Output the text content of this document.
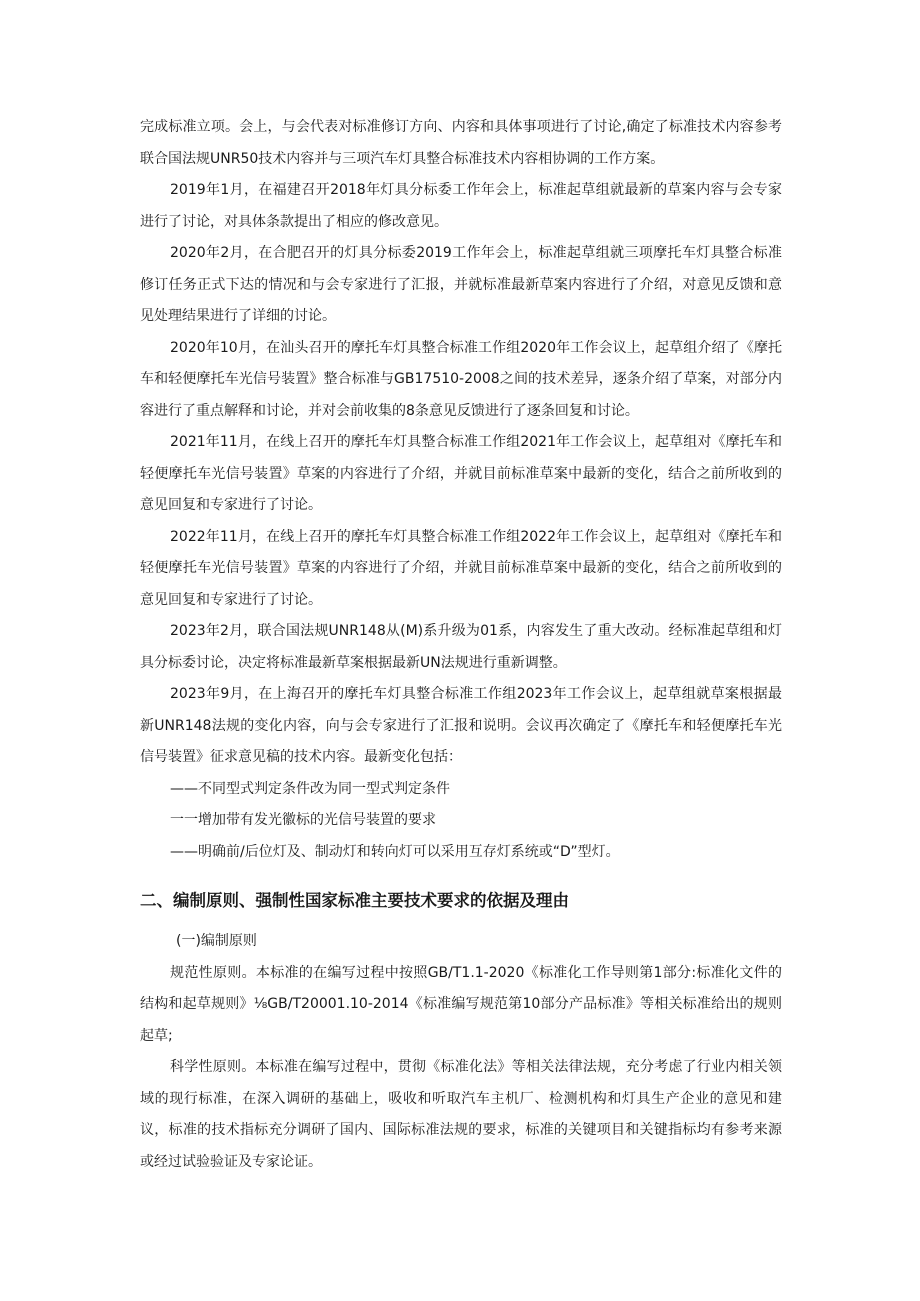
完成标准立项。会上，与会代表对标准修订方向、内容和具体事项进行了讨论,确定了标准技术内容参考联合国法规UNR50技术内容并与三项汽车灯具整合标准技术内容相协调的工作方案。

2019年1月，在福建召开2018年灯具分标委工作年会上，标准起草组就最新的草案内容与会专家进行了讨论，对具体条款提出了相应的修改意见。

2020年2月，在合肥召开的灯具分标委2019工作年会上，标准起草组就三项摩托车灯具整合标准修订任务正式下达的情况和与会专家进行了汇报，并就标准最新草案内容进行了介绍，对意见反馈和意见处理结果进行了详细的讨论。

2020年10月，在汕头召开的摩托车灯具整合标准工作组2020年工作会议上，起草组介绍了《摩托车和轻便摩托车光信号装置》整合标准与GB17510-2008之间的技术差异，逐条介绍了草案，对部分内容进行了重点解释和讨论，并对会前收集的8条意见反馈进行了逐条回复和讨论。

2021年11月，在线上召开的摩托车灯具整合标准工作组2021年工作会议上，起草组对《摩托车和轻便摩托车光信号装置》草案的内容进行了介绍，并就目前标准草案中最新的变化，结合之前所收到的意见回复和专家进行了讨论。

2022年11月，在线上召开的摩托车灯具整合标准工作组2022年工作会议上，起草组对《摩托车和轻便摩托车光信号装置》草案的内容进行了介绍，并就目前标准草案中最新的变化，结合之前所收到的意见回复和专家进行了讨论。

2023年2月，联合国法规UNR148从(M)系升级为01系，内容发生了重大改动。经标准起草组和灯具分标委讨论，决定将标准最新草案根据最新UN法规进行重新调整。

2023年9月，在上海召开的摩托车灯具整合标准工作组2023年工作会议上，起草组就草案根据最新UNR148法规的变化内容，向与会专家进行了汇报和说明。会议再次确定了《摩托车和轻便摩托车光信号装置》征求意见稿的技术内容。最新变化包括：

——不同型式判定条件改为同一型式判定条件

一一增加带有发光徽标的光信号装置的要求

——明确前/后位灯及、制动灯和转向灯可以采用互存灯系统或“D”型灯。

二、编制原则、强制性国家标准主要技术要求的依据及理由

(一)编制原则

规范性原则。本标准的在编写过程中按照GB/T1.1-2020《标准化工作导则第1部分:标准化文件的结构和起草规则》⅛GB/T20001.10-2014《标准编写规范第10部分产品标准》等相关标准给出的规则起草;

科学性原则。本标准在编写过程中，贯彻《标准化法》等相关法律法规，充分考虑了行业内相关领域的现行标准，在深入调研的基础上，吸收和听取汽车主机厂、检测机构和灯具生产企业的意见和建议，标准的技术指标充分调研了国内、国际标准法规的要求，标准的关键项目和关键指标均有参考来源或经过试验验证及专家论证。
